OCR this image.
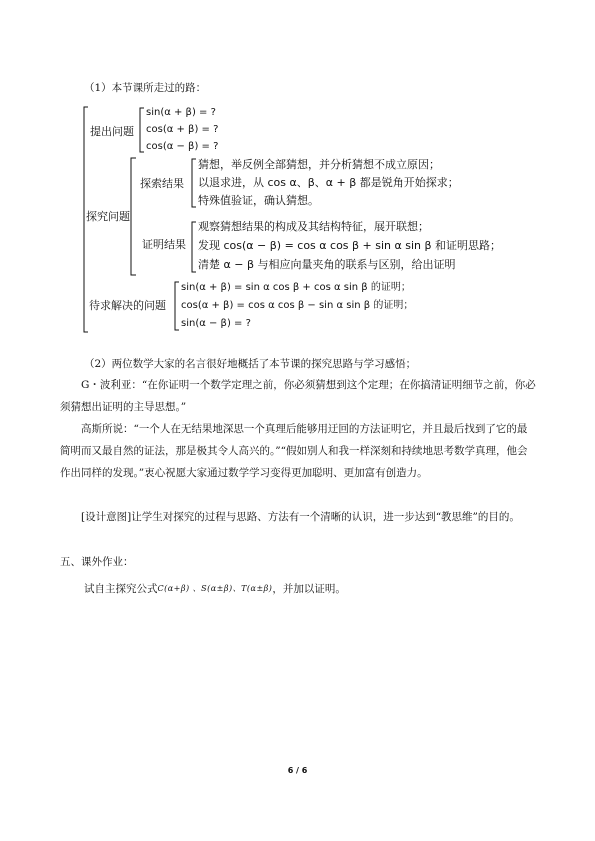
（1）本节课所走过的路：
提出问题
sin(α + β) = ?
cos(α + β) = ?
cos(α − β) = ?
探究问题
探索结果
猜想，举反例全部猜想，并分析猜想不成立原因；
以退求进，从 cos α、β、α + β 都是锐角开始探求；
特殊值验证，确认猜想。
证明结果
观察猜想结果的构成及其结构特征，展开联想；
发现 cos(α − β) = cos α cos β + sin α sin β 和证明思路；
清楚 α − β 与相应向量夹角的联系与区别，给出证明
待求解决的问题
sin(α + β) = sin α cos β + cos α sin β 的证明；
cos(α + β) = cos α cos β − sin α sin β 的证明；
sin(α − β) = ?
（2）两位数学大家的名言很好地概括了本节课的探究思路与学习感悟；
G・波利亚：“在你证明一个数学定理之前，你必须猜想到这个定理；在你搞清证明细节之前，你必须猜想出证明的主导思想。”
高斯所说：“一个人在无结果地深思一个真理后能够用迂回的方法证明它，并且最后找到了它的最简明而又最自然的证法，那是极其令人高兴的。”“假如别人和我一样深刻和持续地思考数学真理，他会作出同样的发现。”衷心祝愿大家通过数学学习变得更加聪明、更加富有创造力。
[设计意图]让学生对探究的过程与思路、方法有一个清晰的认识，进一步达到“教思维”的目的。
五、课外作业：
试自主探究公式C(α+β) 、S(α±β)、T(α±β)，并加以证明。
6 / 6
